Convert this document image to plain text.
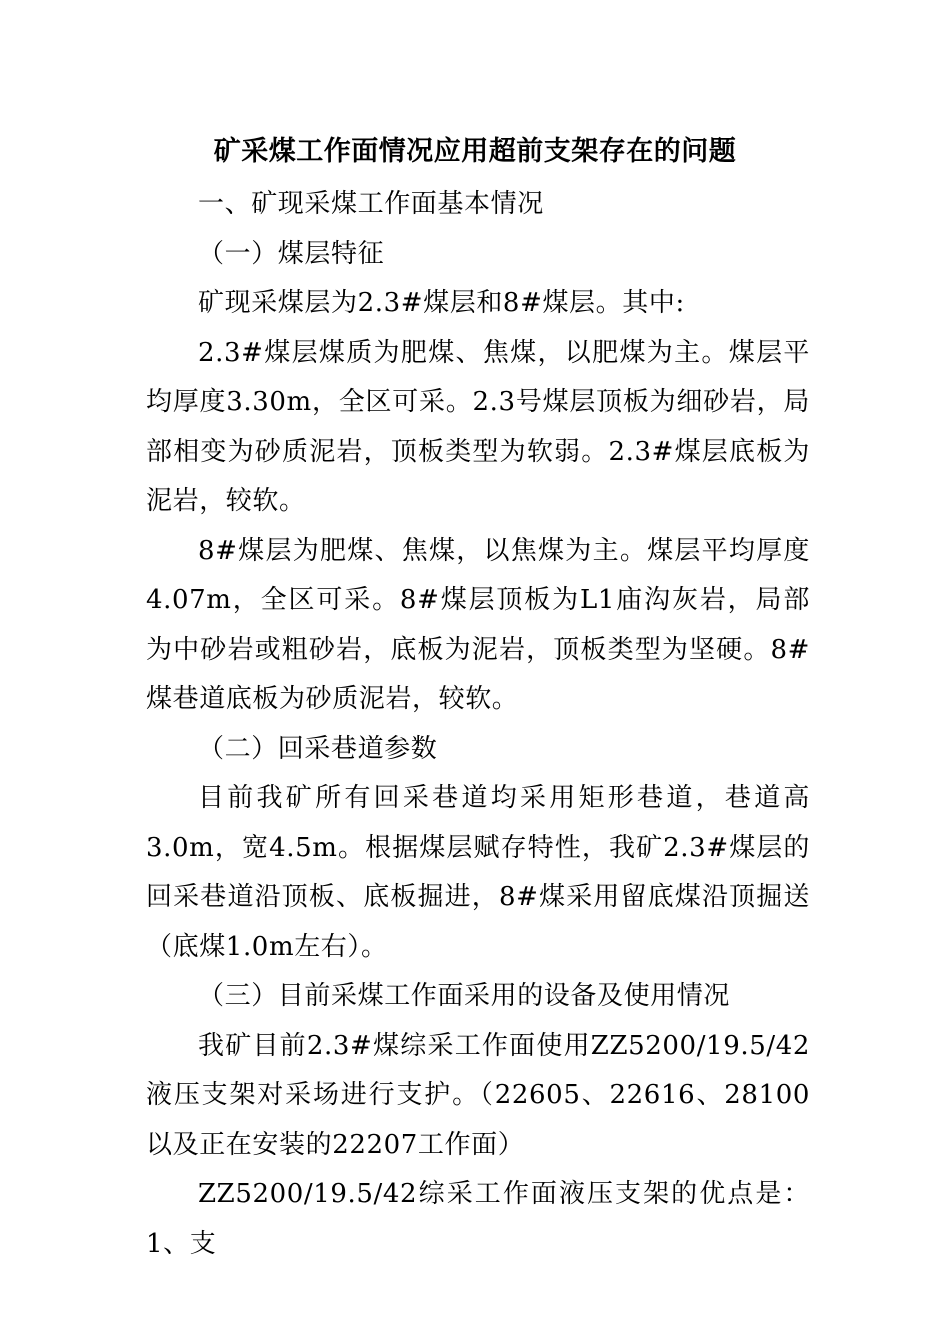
矿采煤工作面情况应用超前支架存在的问题

一、矿现采煤工作面基本情况

（一）煤层特征

矿现采煤层为2.3#煤层和8#煤层。其中:

2.3#煤层煤质为肥煤、焦煤，以肥煤为主。煤层平均厚度3.30m，全区可采。2.3号煤层顶板为细砂岩，局部相变为砂质泥岩，顶板类型为软弱。2.3#煤层底板为泥岩，较软。

8#煤层为肥煤、焦煤，以焦煤为主。煤层平均厚度4.07m，全区可采。8#煤层顶板为L1庙沟灰岩，局部为中砂岩或粗砂岩，底板为泥岩，顶板类型为坚硬。8#煤巷道底板为砂质泥岩，较软。

（二）回采巷道参数

目前我矿所有回采巷道均采用矩形巷道，巷道高3.0m，宽4.5m。根据煤层赋存特性，我矿2.3#煤层的回采巷道沿顶板、底板掘进，8#煤采用留底煤沿顶掘送（底煤1.0m左右）。

（三）目前采煤工作面采用的设备及使用情况

我矿目前2.3#煤综采工作面使用ZZ5200/19.5/42液压支架对采场进行支护。（22605、22616、28100以及正在安装的22207工作面）

ZZ5200/19.5/42综采工作面液压支架的优点是：1、支
